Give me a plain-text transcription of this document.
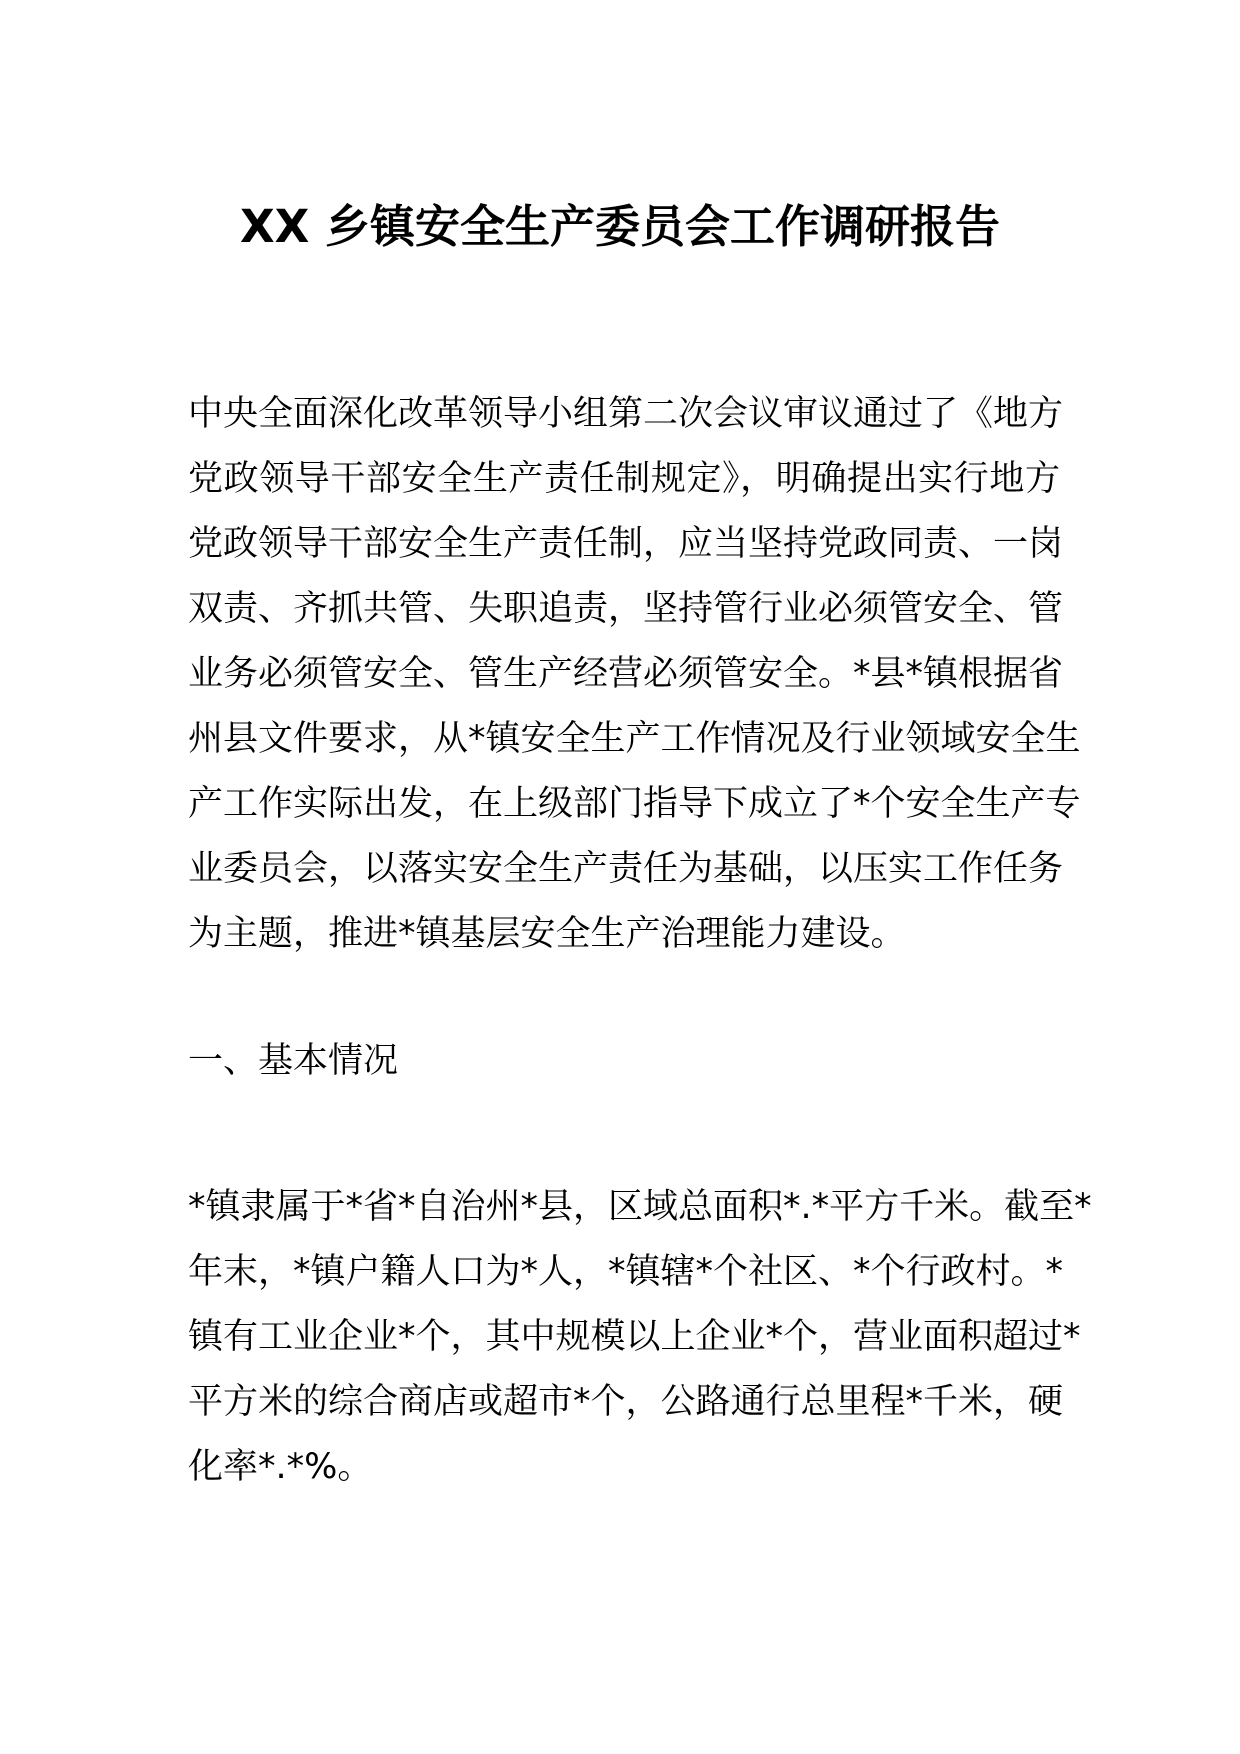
XX 乡镇安全生产委员会工作调研报告

中央全面深化改革领导小组第二次会议审议通过了《地方
党政领导干部安全生产责任制规定》，明确提出实行地方
党政领导干部安全生产责任制，应当坚持党政同责、一岗
双责、齐抓共管、失职追责，坚持管行业必须管安全、管
业务必须管安全、管生产经营必须管安全。*县*镇根据省
州县文件要求，从*镇安全生产工作情况及行业领域安全生
产工作实际出发，在上级部门指导下成立了*个安全生产专
业委员会，以落实安全生产责任为基础，以压实工作任务
为主题，推进*镇基层安全生产治理能力建设。

一、基本情况

*镇隶属于*省*自治州*县，区域总面积*.*平方千米。截至*
年末，*镇户籍人口为*人，*镇辖*个社区、*个行政村。*
镇有工业企业*个，其中规模以上企业*个，营业面积超过*
平方米的综合商店或超市*个，公路通行总里程*千米，硬
化率*.*%。
